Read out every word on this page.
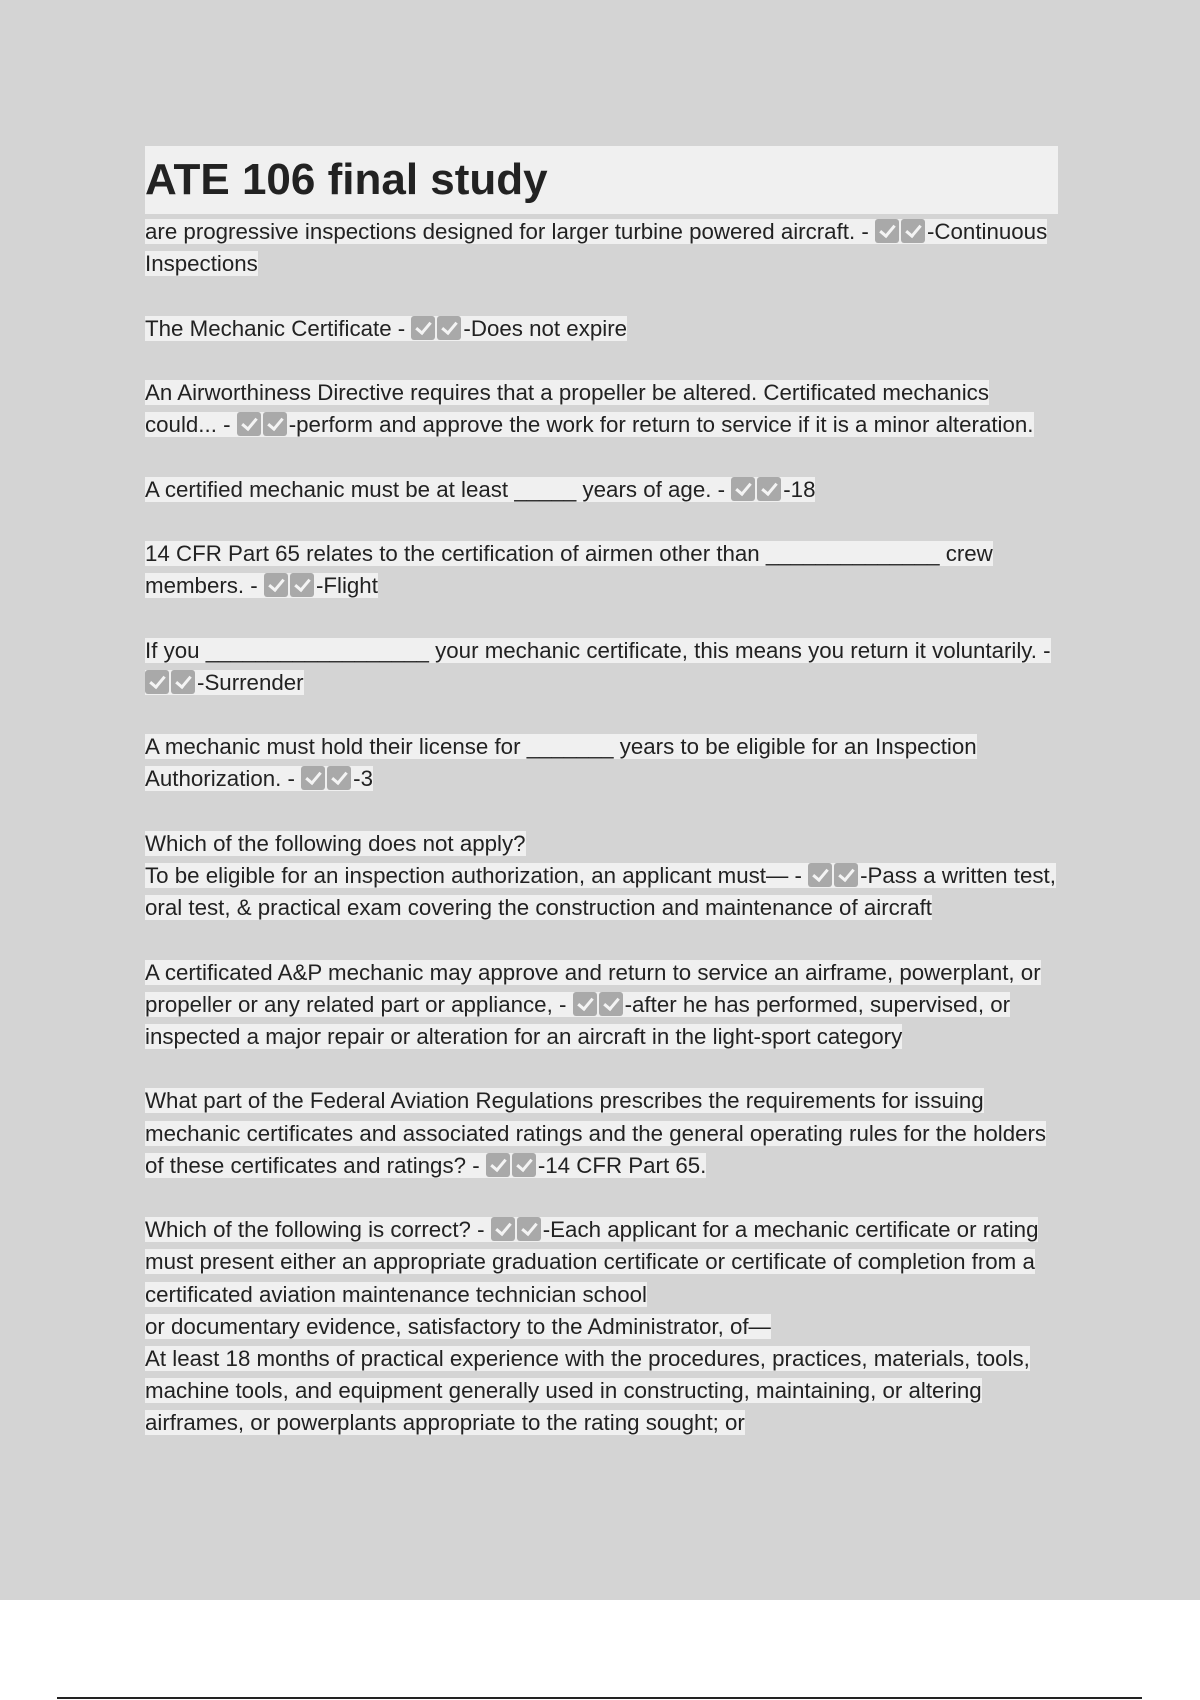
ATE 106 final study

are progressive inspections designed for larger turbine powered aircraft. -	- Continuous Inspections

The Mechanic Certificate -	- Does not expire

An Airworthiness Directive requires that a propeller be altered. Certificated mechanics could... -	- perform and approve the work for return to service if it is a minor alteration.

A certified mechanic must be at least _____ years of age. -	- 18

14 CFR Part 65 relates to the certification of airmen other than ______________ crew members. -	- Flight

If you __________________ your mechanic certificate, this means you return it voluntarily. - - Surrender

A mechanic must hold their license for _______ years to be eligible for an Inspection Authorization. -	- 3

Which of the following does not apply?
To be eligible for an inspection authorization, an applicant must— -	- Pass a written test, oral test, & practical exam covering the construction and maintenance of aircraft

A certificated A&P mechanic may approve and return to service an airframe, powerplant, or propeller or any related part or appliance, -	- after he has performed, supervised, or inspected a major repair or alteration for an aircraft in the light-sport category

What part of the Federal Aviation Regulations prescribes the requirements for issuing mechanic certificates and associated ratings and the general operating rules for the holders of these certificates and ratings? -	- 14 CFR Part 65.

Which of the following is correct? -	- Each applicant for a mechanic certificate or rating must present either an appropriate graduation certificate or certificate of completion from a certificated aviation maintenance technician school
or documentary evidence, satisfactory to the Administrator, of—
At least 18 months of practical experience with the procedures, practices, materials, tools, machine tools, and equipment generally used in constructing, maintaining, or altering airframes, or powerplants appropriate to the rating sought; or
